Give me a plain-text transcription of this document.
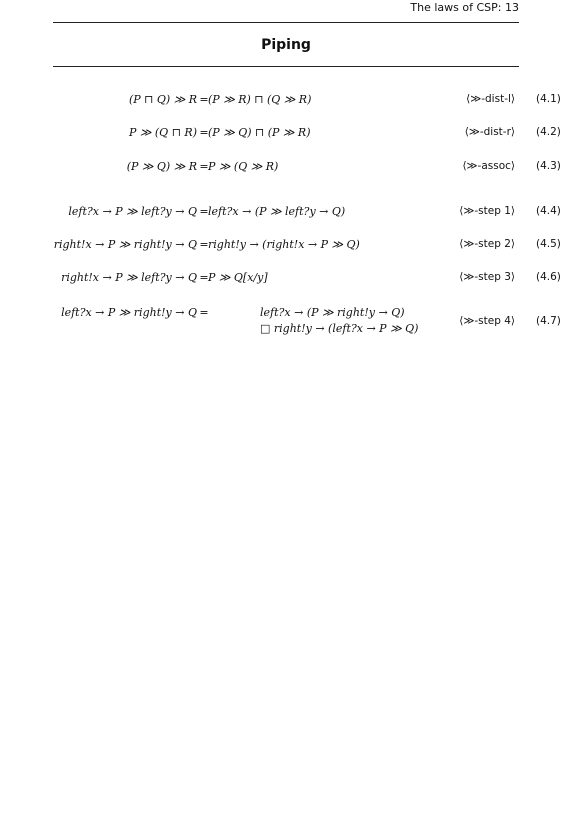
The laws of CSP: 13
Piping
(P ⊓ Q) ≫ R = (P ≫ R) ⊓ (Q ≫ R)	⟨≫-dist-l⟩ (4.1)
P ≫ (Q ⊓ R) = (P ≫ Q) ⊓ (P ≫ R)	⟨≫-dist-r⟩ (4.2)
(P ≫ Q) ≫ R = P ≫ (Q ≫ R)	⟨≫-assoc⟩ (4.3)
left?x → P ≫ left?y → Q = left?x → (P ≫ left?y → Q)	⟨≫-step 1⟩ (4.4)
right!x → P ≫ right!y → Q = right!y → (right!x → P ≫ Q)	⟨≫-step 2⟩ (4.5)
right!x → P ≫ left?y → Q = P ≫ Q[x/y]	⟨≫-step 3⟩ (4.6)
left?x → P ≫ right!y → Q =	left?x → (P ≫ right!y → Q)
□ right!y → (left?x → P ≫ Q)
⟨≫-step 4⟩ (4.7)
